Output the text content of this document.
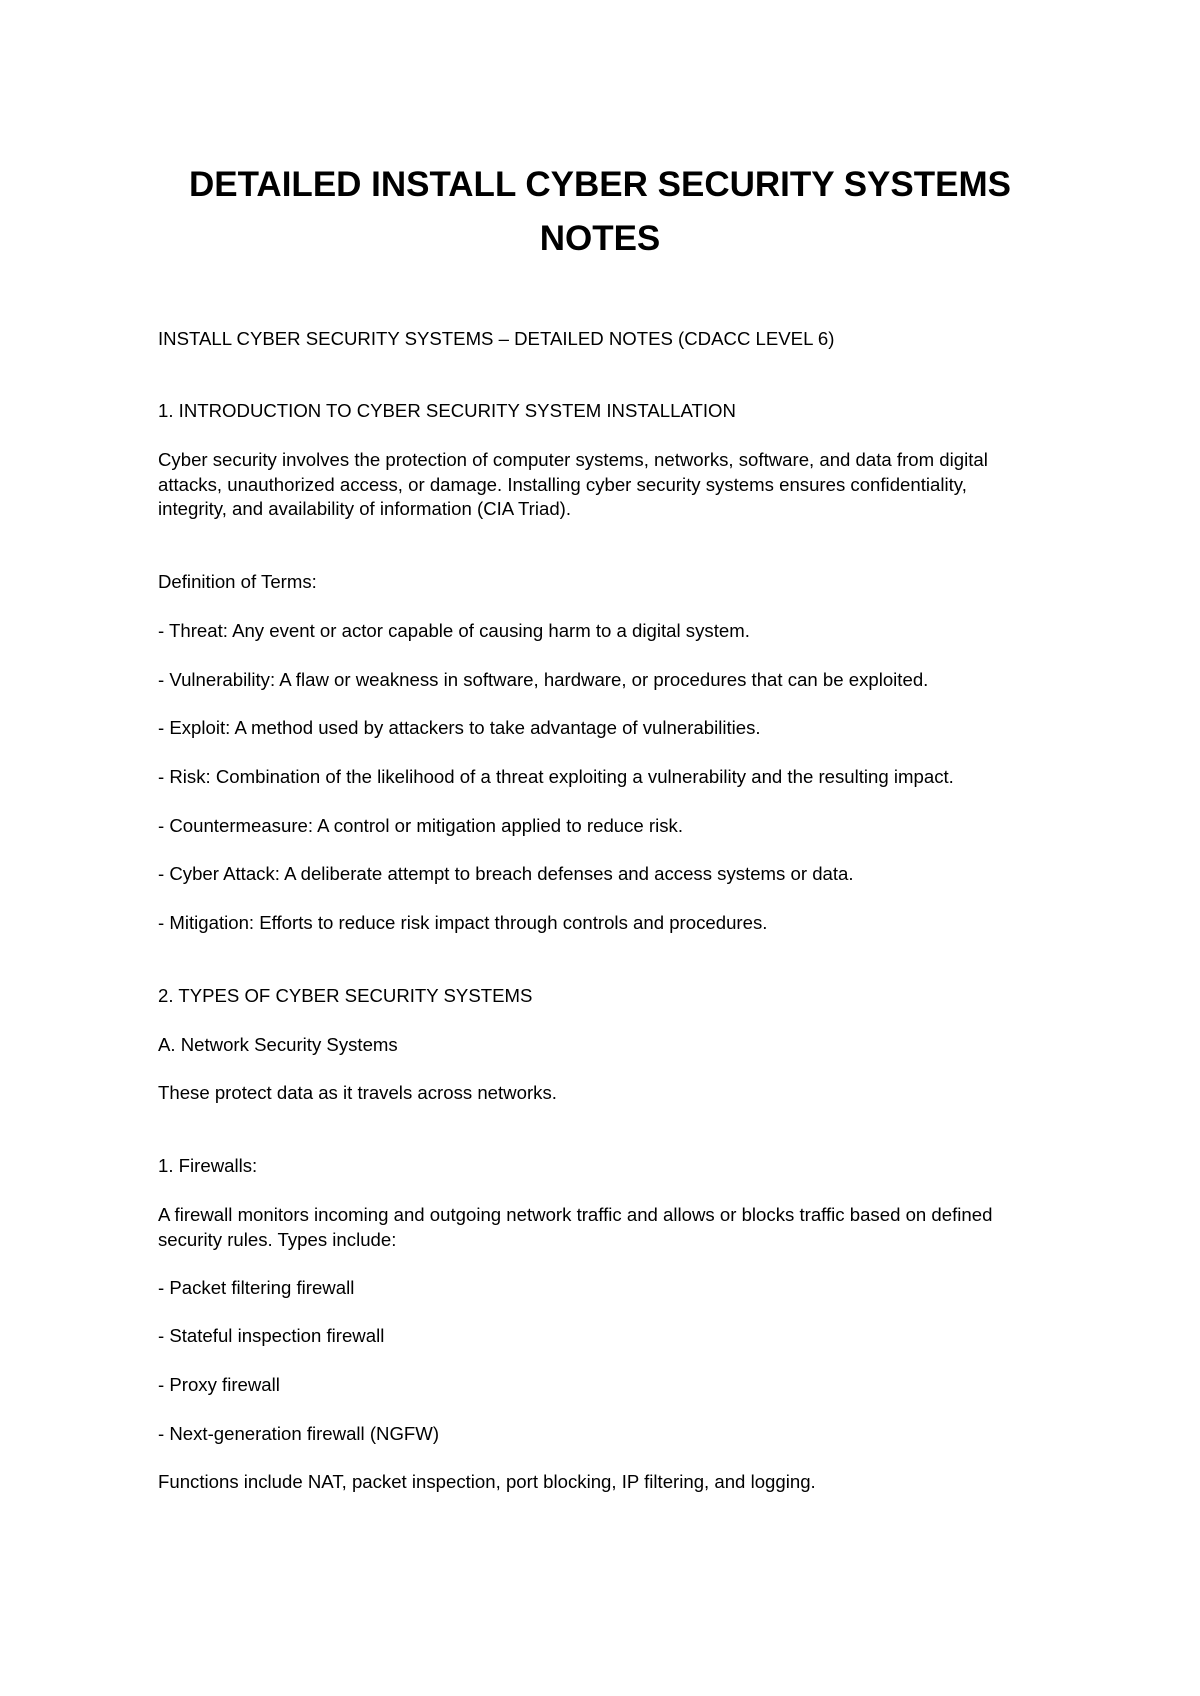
DETAILED INSTALL CYBER SECURITY SYSTEMS NOTES

INSTALL CYBER SECURITY SYSTEMS – DETAILED NOTES (CDACC LEVEL 6)

1. INTRODUCTION TO CYBER SECURITY SYSTEM INSTALLATION

Cyber security involves the protection of computer systems, networks, software, and data from digital attacks, unauthorized access, or damage. Installing cyber security systems ensures confidentiality, integrity, and availability of information (CIA Triad).

Definition of Terms:

- Threat: Any event or actor capable of causing harm to a digital system.

- Vulnerability: A flaw or weakness in software, hardware, or procedures that can be exploited.

- Exploit: A method used by attackers to take advantage of vulnerabilities.

- Risk: Combination of the likelihood of a threat exploiting a vulnerability and the resulting impact.

- Countermeasure: A control or mitigation applied to reduce risk.

- Cyber Attack: A deliberate attempt to breach defenses and access systems or data.

- Mitigation: Efforts to reduce risk impact through controls and procedures.

2. TYPES OF CYBER SECURITY SYSTEMS

A. Network Security Systems

These protect data as it travels across networks.

1. Firewalls:

A firewall monitors incoming and outgoing network traffic and allows or blocks traffic based on defined security rules. Types include:

- Packet filtering firewall

- Stateful inspection firewall

- Proxy firewall

- Next-generation firewall (NGFW)

Functions include NAT, packet inspection, port blocking, IP filtering, and logging.
